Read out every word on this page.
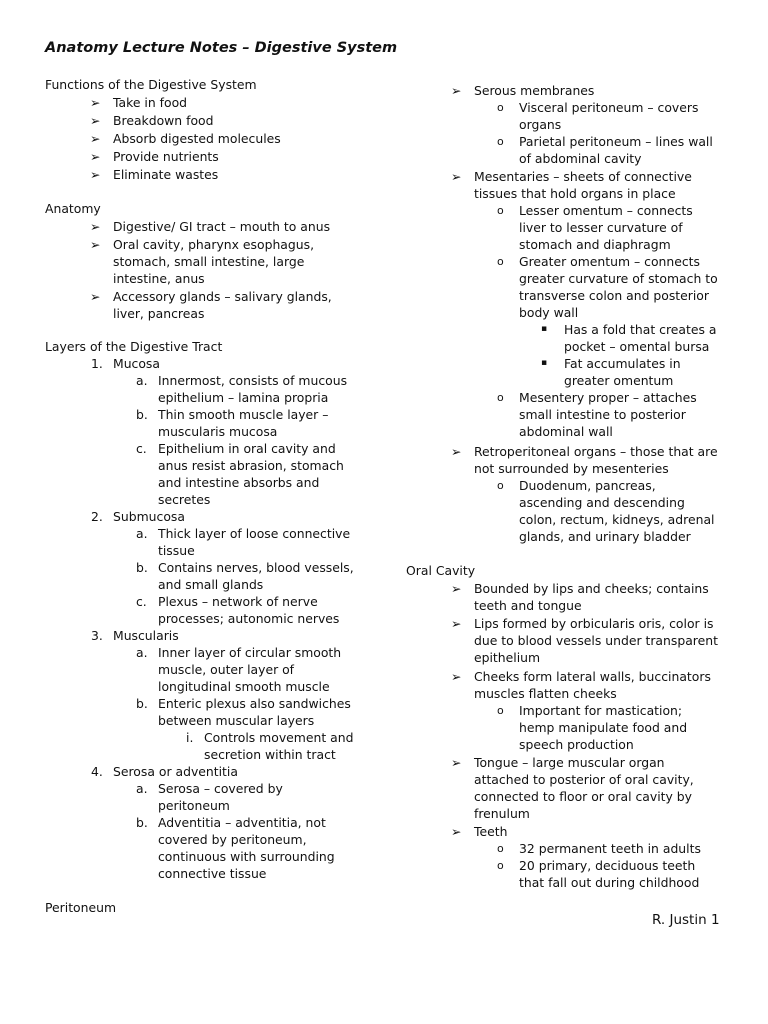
Anatomy Lecture Notes – Digestive System
Functions of the Digestive System
➢ Take in food
➢ Breakdown food
➢ Absorb digested molecules
➢ Provide nutrients
➢ Eliminate wastes
Anatomy
➢ Digestive/ GI tract – mouth to anus
➢ Oral cavity, pharynx esophagus,
stomach, small intestine, large
intestine, anus
➢ Accessory glands – salivary glands,
liver, pancreas
Layers of the Digestive Tract
1. Mucosa
a. Innermost, consists of mucous
epithelium – lamina propria
b. Thin smooth muscle layer –
muscularis mucosa
c. Epithelium in oral cavity and
anus resist abrasion, stomach
and intestine absorbs and
secretes
2. Submucosa
a. Thick layer of loose connective
tissue
b. Contains nerves, blood vessels,
and small glands
c. Plexus – network of nerve
processes; autonomic nerves
3. Muscularis
a. Inner layer of circular smooth
muscle, outer layer of
longitudinal smooth muscle
b. Enteric plexus also sandwiches
between muscular layers
i. Controls movement and
secretion within tract
4. Serosa or adventitia
a. Serosa – covered by
peritoneum
b. Adventitia – adventitia, not
covered by peritoneum,
continuous with surrounding
connective tissue
Peritoneum
➢ Serous membranes
o Visceral peritoneum – covers
organs
o Parietal peritoneum – lines wall
of abdominal cavity
➢ Mesentaries – sheets of connective
tissues that hold organs in place
o Lesser omentum – connects
liver to lesser curvature of
stomach and diaphragm
o Greater omentum – connects
greater curvature of stomach to
transverse colon and posterior
body wall
▪ Has a fold that creates a
pocket – omental bursa
▪ Fat accumulates in
greater omentum
o Mesentery proper – attaches
small intestine to posterior
abdominal wall
➢ Retroperitoneal organs – those that are
not surrounded by mesenteries
o Duodenum, pancreas,
ascending and descending
colon, rectum, kidneys, adrenal
glands, and urinary bladder
Oral Cavity
➢ Bounded by lips and cheeks; contains
teeth and tongue
➢ Lips formed by orbicularis oris, color is
due to blood vessels under transparent
epithelium
➢ Cheeks form lateral walls, buccinators
muscles flatten cheeks
o Important for mastication;
hemp manipulate food and
speech production
➢ Tongue – large muscular organ
attached to posterior of oral cavity,
connected to floor or oral cavity by
frenulum
➢ Teeth
o 32 permanent teeth in adults
o 20 primary, deciduous teeth
that fall out during childhood
R. Justin 1
